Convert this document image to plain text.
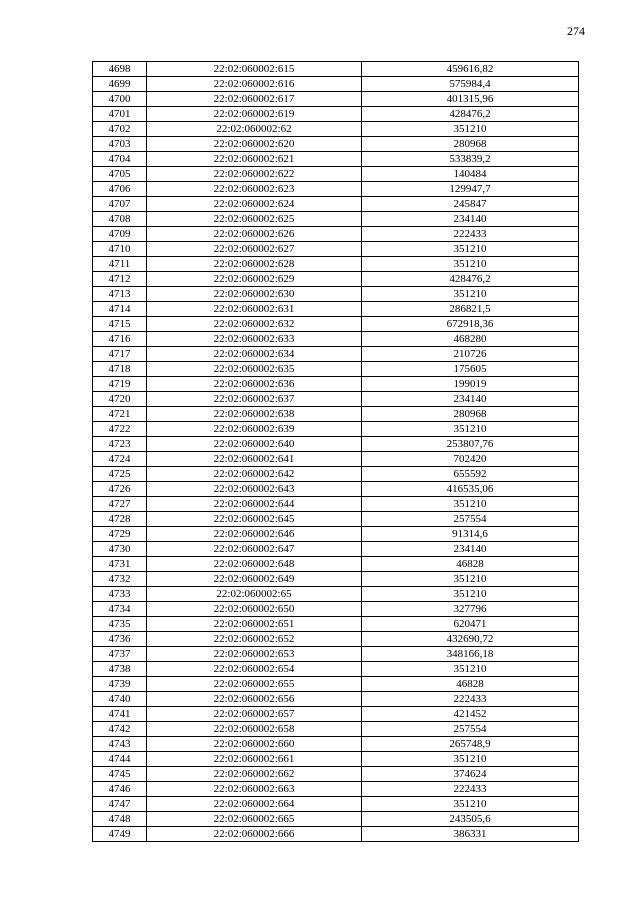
274
4698	22:02:060002:615	459616,82
4699	22:02:060002:616	575984,4
4700	22:02:060002:617	401315,96
4701	22:02:060002:619	428476,2
4702	22:02:060002:62	351210
4703	22:02:060002:620	280968
4704	22:02:060002:621	533839,2
4705	22:02:060002:622	140484
4706	22:02:060002:623	129947,7
4707	22:02:060002:624	245847
4708	22:02:060002:625	234140
4709	22:02:060002:626	222433
4710	22:02:060002:627	351210
4711	22:02:060002:628	351210
4712	22:02:060002:629	428476,2
4713	22:02:060002:630	351210
4714	22:02:060002:631	286821,5
4715	22:02:060002:632	672918,36
4716	22:02:060002:633	468280
4717	22:02:060002:634	210726
4718	22:02:060002:635	175605
4719	22:02:060002:636	199019
4720	22:02:060002:637	234140
4721	22:02:060002:638	280968
4722	22:02:060002:639	351210
4723	22:02:060002:640	253807,76
4724	22:02:060002:641	702420
4725	22:02:060002:642	655592
4726	22:02:060002:643	416535,06
4727	22:02:060002:644	351210
4728	22:02:060002:645	257554
4729	22:02:060002:646	91314,6
4730	22:02:060002:647	234140
4731	22:02:060002:648	46828
4732	22:02:060002:649	351210
4733	22:02:060002:65	351210
4734	22:02:060002:650	327796
4735	22:02:060002:651	620471
4736	22:02:060002:652	432690,72
4737	22:02:060002:653	348166,18
4738	22:02:060002:654	351210
4739	22:02:060002:655	46828
4740	22:02:060002:656	222433
4741	22:02:060002:657	421452
4742	22:02:060002:658	257554
4743	22:02:060002:660	265748,9
4744	22:02:060002:661	351210
4745	22:02:060002:662	374624
4746	22:02:060002:663	222433
4747	22:02:060002:664	351210
4748	22:02:060002:665	243505,6
4749	22:02:060002:666	386331
